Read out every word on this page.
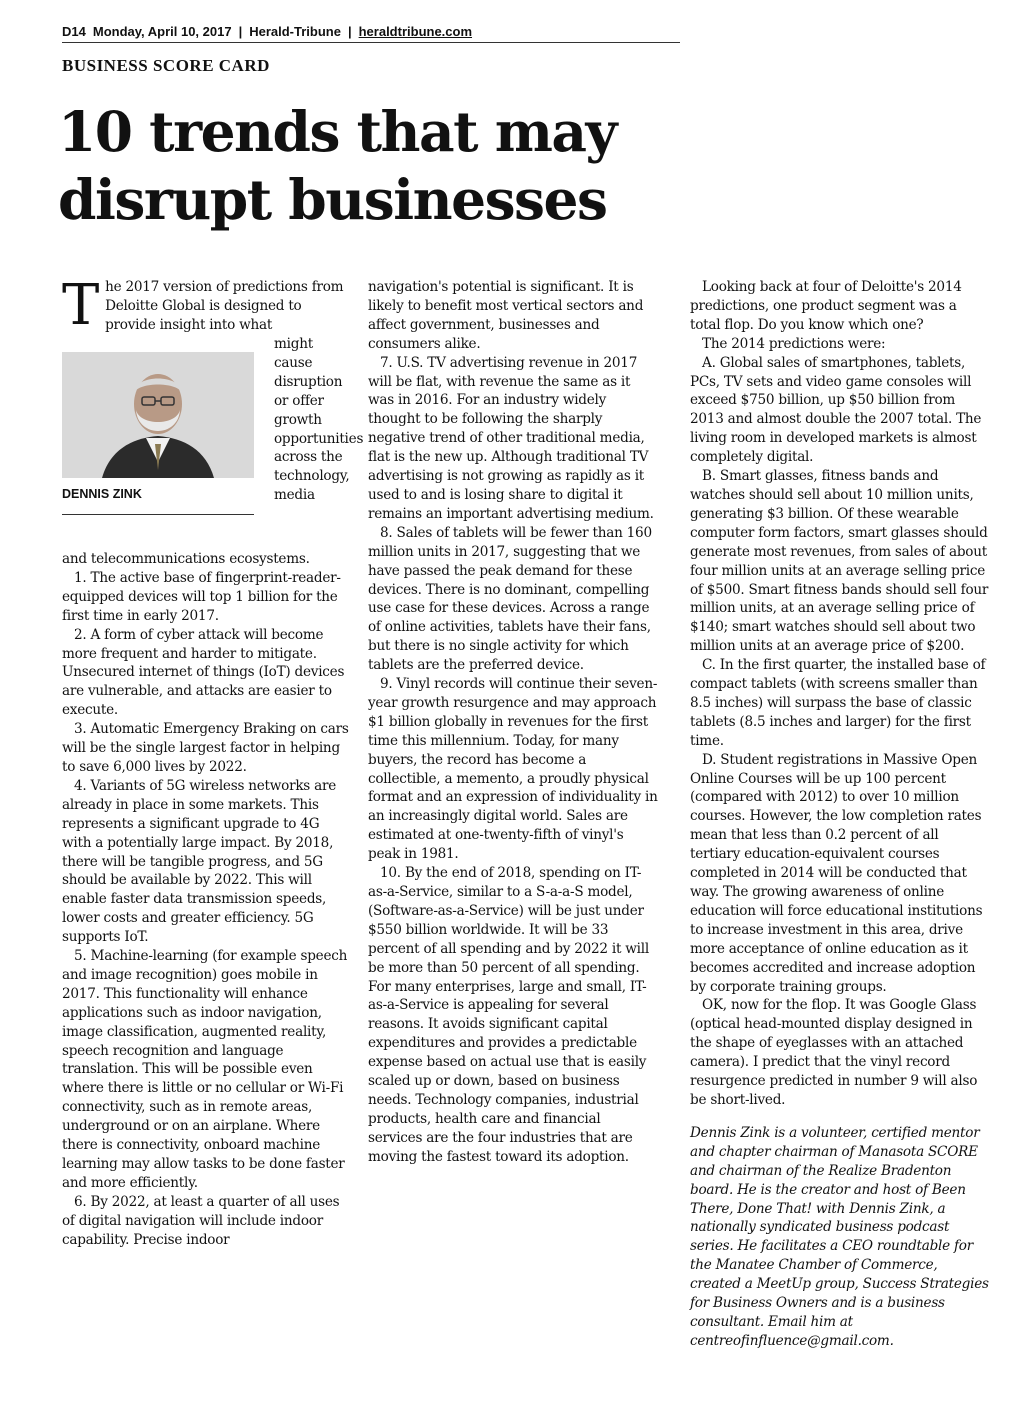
D14 Monday, April 10, 2017 | Herald-Tribune | heraldtribune.com
BUSINESS SCORE CARD
10 trends that may
disrupt businesses
The 2017 version of predictions from Deloitte Global is designed to provide insight into what
DENNIS ZINK
might cause disruption or offer growth opportunities across the technology, media

and telecommunications ecosystems.

1. The active base of fingerprint-reader-equipped devices will top 1 billion for the first time in early 2017.

2. A form of cyber attack will become more frequent and harder to mitigate. Unsecured internet of things (IoT) devices are vulnerable, and attacks are easier to execute.

3. Automatic Emergency Braking on cars will be the single largest factor in helping to save 6,000 lives by 2022.

4. Variants of 5G wireless networks are already in place in some markets. This represents a significant upgrade to 4G with a potentially large impact. By 2018, there will be tangible progress, and 5G should be available by 2022. This will enable faster data transmission speeds, lower costs and greater efficiency. 5G supports IoT.

5. Machine-learning (for example speech and image recognition) goes mobile in 2017. This functionality will enhance applications such as indoor navigation, image classification, augmented reality, speech recognition and language translation. This will be possible even where there is little or no cellular or Wi-Fi connectivity, such as in remote areas, underground or on an airplane. Where there is connectivity, onboard machine learning may allow tasks to be done faster and more efficiently.

6. By 2022, at least a quarter of all uses of digital navigation will include indoor capability. Precise indoor

navigation's potential is significant. It is likely to benefit most vertical sectors and affect government, businesses and consumers alike.

7. U.S. TV advertising revenue in 2017 will be flat, with revenue the same as it was in 2016. For an industry widely thought to be following the sharply negative trend of other traditional media, flat is the new up. Although traditional TV advertising is not growing as rapidly as it used to and is losing share to digital it remains an important advertising medium.

8. Sales of tablets will be fewer than 160 million units in 2017, suggesting that we have passed the peak demand for these devices. There is no dominant, compelling use case for these devices. Across a range of online activities, tablets have their fans, but there is no single activity for which tablets are the preferred device.

9. Vinyl records will continue their seven-year growth resurgence and may approach $1 billion globally in revenues for the first time this millennium. Today, for many buyers, the record has become a collectible, a memento, a proudly physical format and an expression of individuality in an increasingly digital world. Sales are estimated at one-twenty-fifth of vinyl's peak in 1981.

10. By the end of 2018, spending on IT-as-a-Service, similar to a S-a-a-S model, (Software-as-a-Service) will be just under $550 billion worldwide. It will be 33 percent of all spending and by 2022 it will be more than 50 percent of all spending. For many enterprises, large and small, IT-as-a-Service is appealing for several reasons. It avoids significant capital expenditures and provides a predictable expense based on actual use that is easily scaled up or down, based on business needs. Technology companies, industrial products, health care and financial services are the four industries that are moving the fastest toward its adoption.

Looking back at four of Deloitte's 2014 predictions, one product segment was a total flop. Do you know which one?

The 2014 predictions were:

A. Global sales of smartphones, tablets, PCs, TV sets and video game consoles will exceed $750 billion, up $50 billion from 2013 and almost double the 2007 total. The living room in developed markets is almost completely digital.

B. Smart glasses, fitness bands and watches should sell about 10 million units, generating $3 billion. Of these wearable computer form factors, smart glasses should generate most revenues, from sales of about four million units at an average selling price of $500. Smart fitness bands should sell four million units, at an average selling price of $140; smart watches should sell about two million units at an average price of $200.

C. In the first quarter, the installed base of compact tablets (with screens smaller than 8.5 inches) will surpass the base of classic tablets (8.5 inches and larger) for the first time.

D. Student registrations in Massive Open Online Courses will be up 100 percent (compared with 2012) to over 10 million courses. However, the low completion rates mean that less than 0.2 percent of all tertiary education-equivalent courses completed in 2014 will be conducted that way. The growing awareness of online education will force educational institutions to increase investment in this area, drive more acceptance of online education as it becomes accredited and increase adoption by corporate training groups.

OK, now for the flop. It was Google Glass (optical head-mounted display designed in the shape of eyeglasses with an attached camera). I predict that the vinyl record resurgence predicted in number 9 will also be short-lived.

Dennis Zink is a volunteer, certified mentor and chapter chairman of Manasota SCORE and chairman of the Realize Bradenton board. He is the creator and host of Been There, Done That! with Dennis Zink, a nationally syndicated business podcast series. He facilitates a CEO roundtable for the Manatee Chamber of Commerce, created a MeetUp group, Success Strategies for Business Owners and is a business consultant. Email him at centreofinfluence@gmail.com.
